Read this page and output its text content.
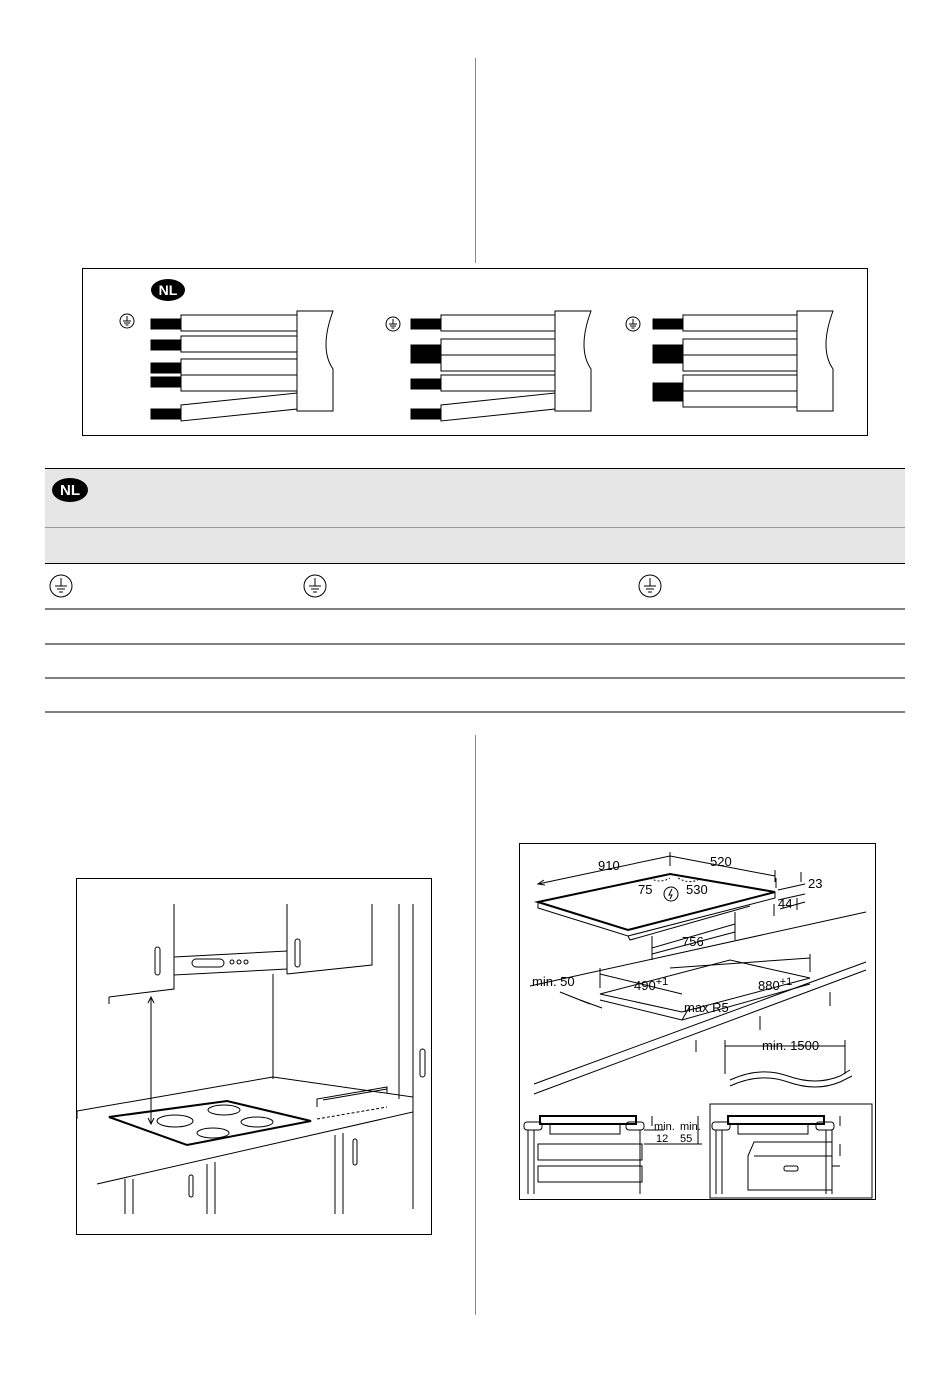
NL
NL
910	520
75	530	23
44
756
min. 50	$490^{+1}$	$880^{+1}$
max R5
min. 1500
min. min.
12 55
